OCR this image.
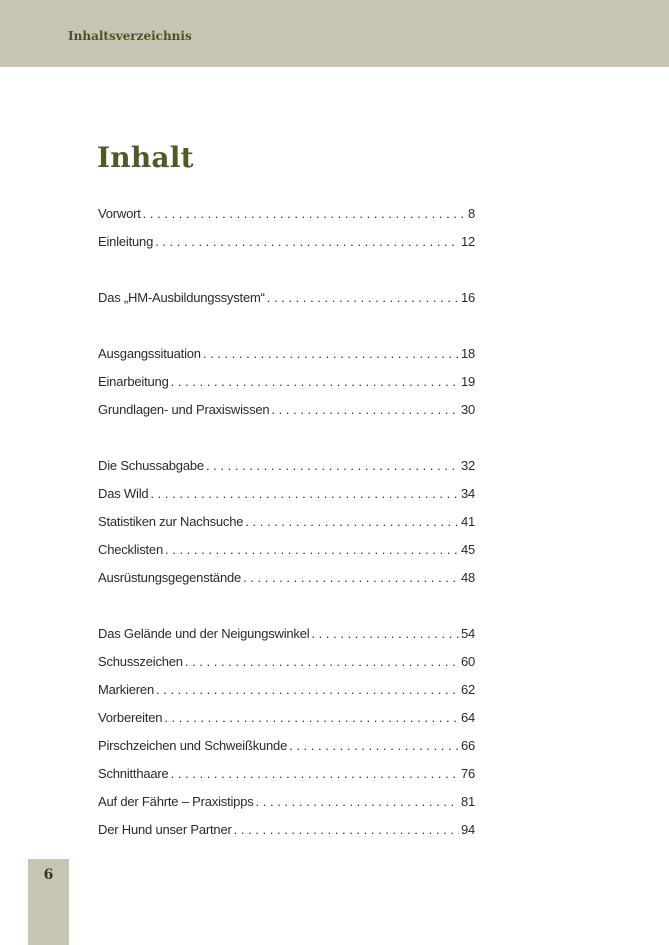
Inhaltsverzeichnis
Inhalt
Vorwort . . .	8
Einleitung . . .	12
Das „HM-Ausbildungssystem“ . . .	16
Ausgangssituation . . .	18
Einarbeitung . . .	19
Grundlagen- und Praxiswissen . . .	30
Die Schussabgabe . . .	32
Das Wild . . .	34
Statistiken zur Nachsuche . . .	41
Checklisten . . .	45
Ausrüstungsgegenstände . . .	48
Das Gelände und der Neigungswinkel . . .	54
Schusszeichen . . .	60
Markieren . . .	62
Vorbereiten . . .	64
Pirschzeichen und Schweißkunde . . .	66
Schnitthaare . . .	76
Auf der Fährte – Praxistipps . . .	81
Der Hund unser Partner . . .	94
6
